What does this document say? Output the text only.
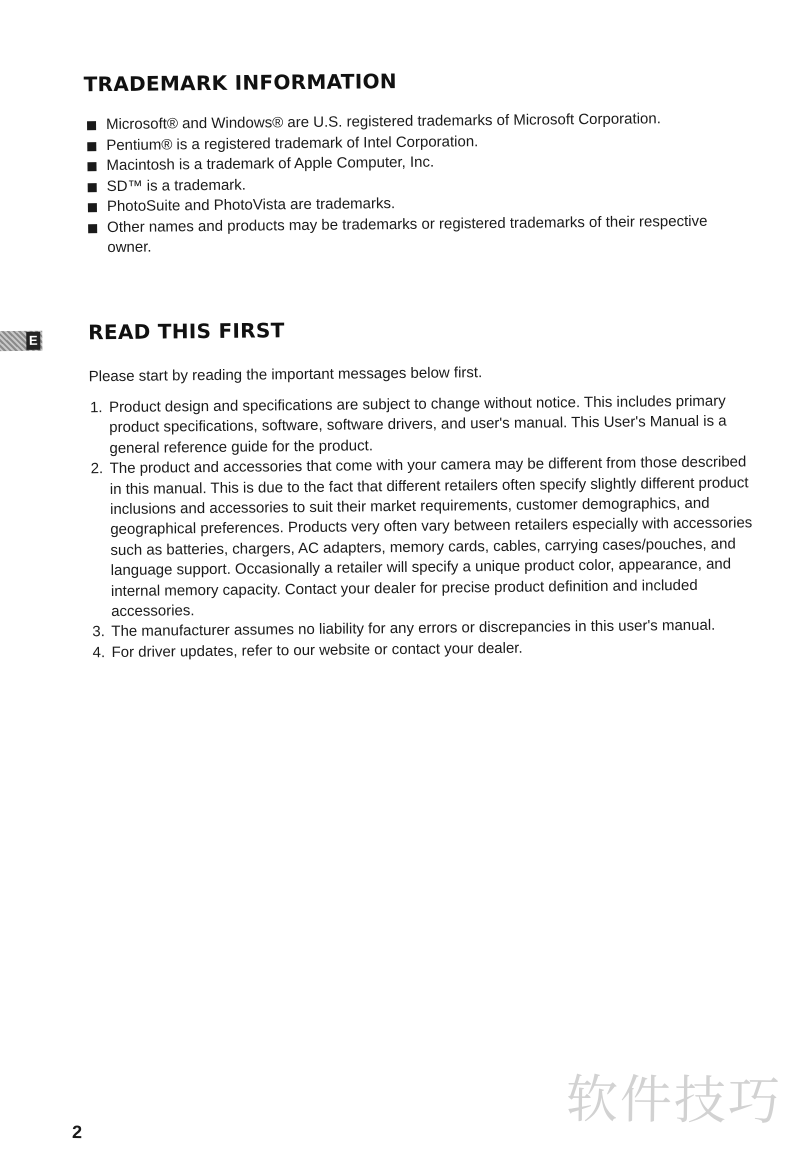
TRADEMARK INFORMATION
Microsoft® and Windows® are U.S. registered trademarks of Microsoft Corporation.
Pentium® is a registered trademark of Intel Corporation.
Macintosh is a trademark of Apple Computer, Inc.
SD™ is a trademark.
PhotoSuite and PhotoVista are trademarks.
Other names and products may be trademarks or registered trademarks of their respective owner.
E	READ THIS FIRST

Please start by reading the important messages below first.

1. Product design and specifications are subject to change without notice. This includes primary product specifications, software, software drivers, and user's manual. This User's Manual is a general reference guide for the product.
2. The product and accessories that come with your camera may be different from those described in this manual. This is due to the fact that different retailers often specify slightly different product inclusions and accessories to suit their market requirements, customer demographics, and geographical preferences. Products very often vary between retailers especially with accessories such as batteries, chargers, AC adapters, memory cards, cables, carrying cases/pouches, and language support. Occasionally a retailer will specify a unique product color, appearance, and internal memory capacity. Contact your dealer for precise product definition and included accessories.
3. The manufacturer assumes no liability for any errors or discrepancies in this user's manual.
4. For driver updates, refer to our website or contact your dealer.

2	软件技巧
